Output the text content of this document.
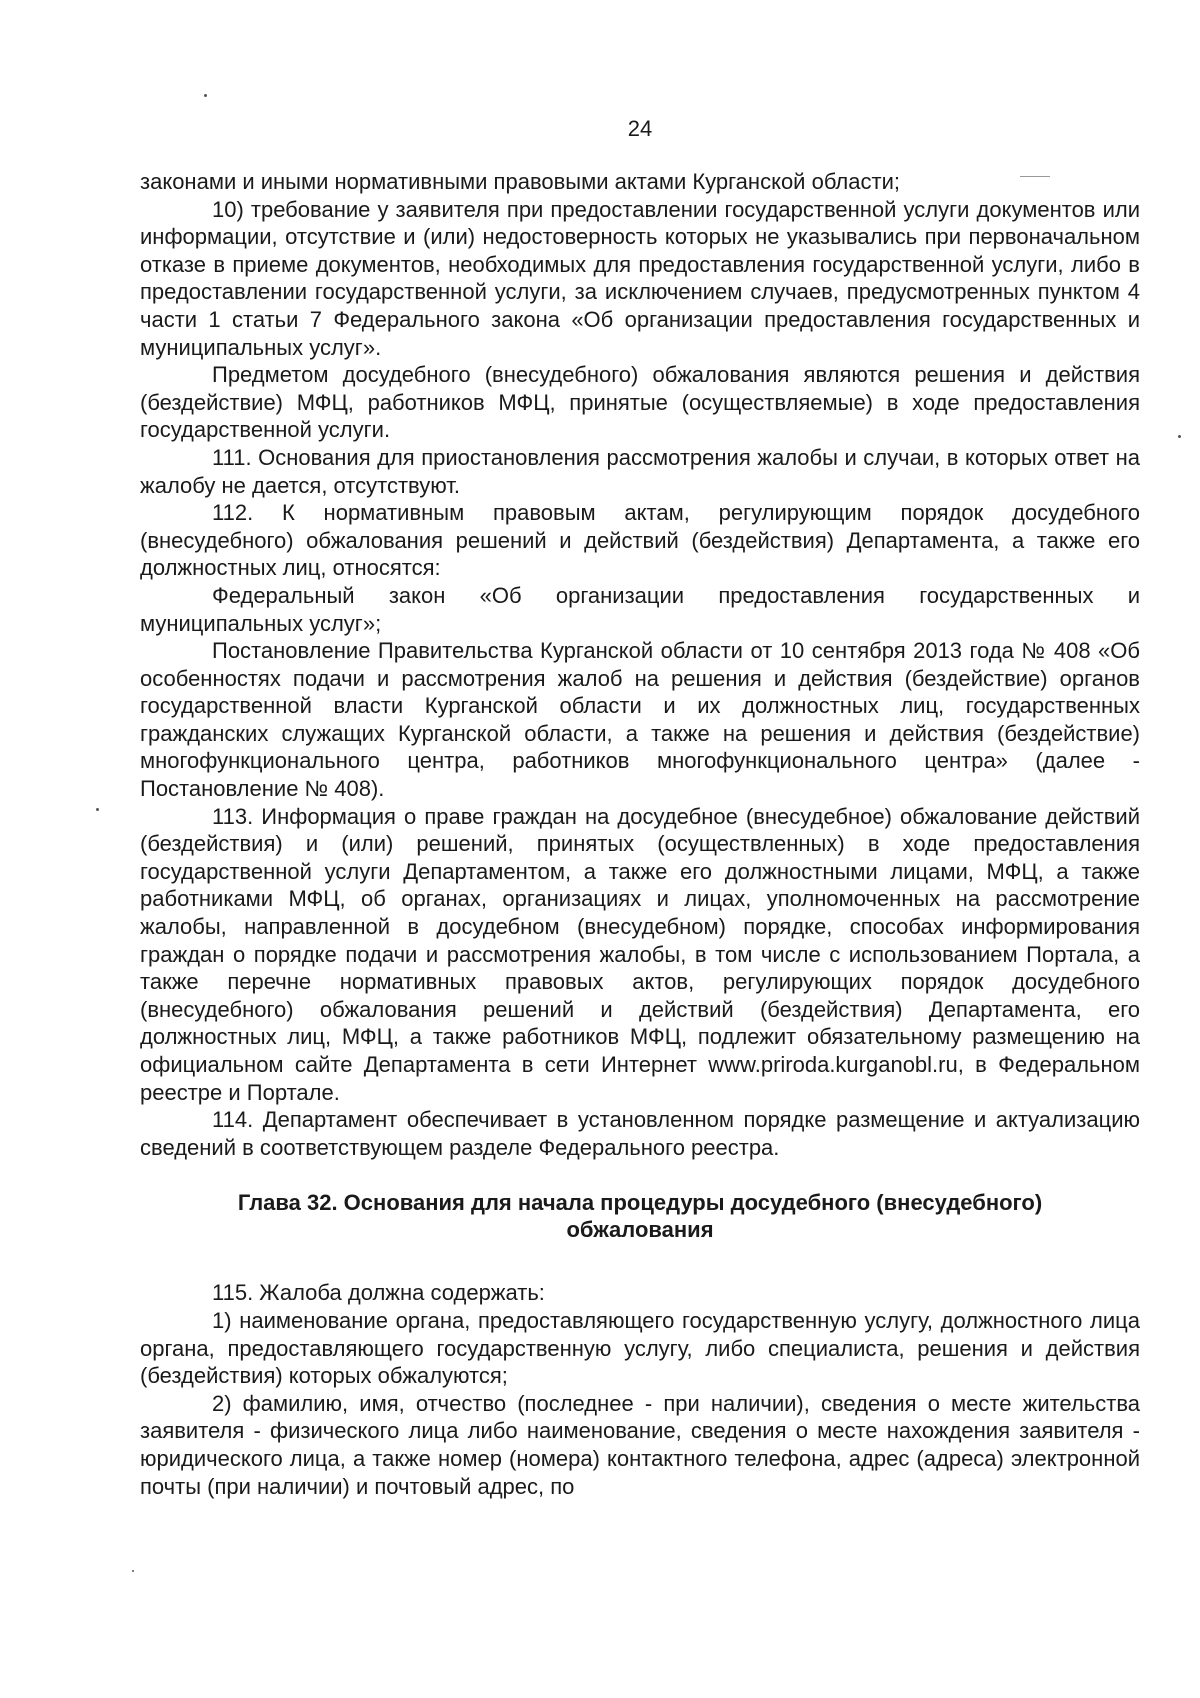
24

законами и иными нормативными правовыми актами Курганской области;

10) требование у заявителя при предоставлении государственной услуги документов или информации, отсутствие и (или) недостоверность которых не указывались при первоначальном отказе в приеме документов, необходимых для предоставления государственной услуги, либо в предоставлении государственной услуги, за исключением случаев, предусмотренных пунктом 4 части 1 статьи 7 Федерального закона «Об организации предоставления государственных и муниципальных услуг».

Предметом досудебного (внесудебного) обжалования являются решения и действия (бездействие) МФЦ, работников МФЦ, принятые (осуществляемые) в ходе предоставления государственной услуги.

111. Основания для приостановления рассмотрения жалобы и случаи, в которых ответ на жалобу не дается, отсутствуют.

112. К нормативным правовым актам, регулирующим порядок досудебного (внесудебного) обжалования решений и действий (бездействия) Департамента, а также его должностных лиц, относятся:

Федеральный закон «Об организации предоставления государственных и муниципальных услуг»;

Постановление Правительства Курганской области от 10 сентября 2013 года № 408 «Об особенностях подачи и рассмотрения жалоб на решения и действия (бездействие) органов государственной власти Курганской области и их должностных лиц, государственных гражданских служащих Курганской области, а также на решения и действия (бездействие) многофункционального центра, работников многофункционального центра» (далее - Постановление № 408).

113. Информация о праве граждан на досудебное (внесудебное) обжалование действий (бездействия) и (или) решений, принятых (осуществленных) в ходе предоставления государственной услуги Департаментом, а также его должностными лицами, МФЦ, а также работниками МФЦ, об органах, организациях и лицах, уполномоченных на рассмотрение жалобы, направленной в досудебном (внесудебном) порядке, способах информирования граждан о порядке подачи и рассмотрения жалобы, в том числе с использованием Портала, а также перечне нормативных правовых актов, регулирующих порядок досудебного (внесудебного) обжалования решений и действий (бездействия) Департамента, его должностных лиц, МФЦ, а также работников МФЦ, подлежит обязательному размещению на официальном сайте Департамента в сети Интернет www.priroda.kurganobl.ru, в Федеральном реестре и Портале.

114. Департамент обеспечивает в установленном порядке размещение и актуализацию сведений в соответствующем разделе Федерального реестра.

Глава 32. Основания для начала процедуры досудебного (внесудебного)
обжалования

115. Жалоба должна содержать:

1) наименование органа, предоставляющего государственную услугу, должностного лица органа, предоставляющего государственную услугу, либо специалиста, решения и действия (бездействия) которых обжалуются;

2) фамилию, имя, отчество (последнее - при наличии), сведения о месте жительства заявителя - физического лица либо наименование, сведения о месте нахождения заявителя - юридического лица, а также номер (номера) контактного телефона, адрес (адреса) электронной почты (при наличии) и почтовый адрес, по
